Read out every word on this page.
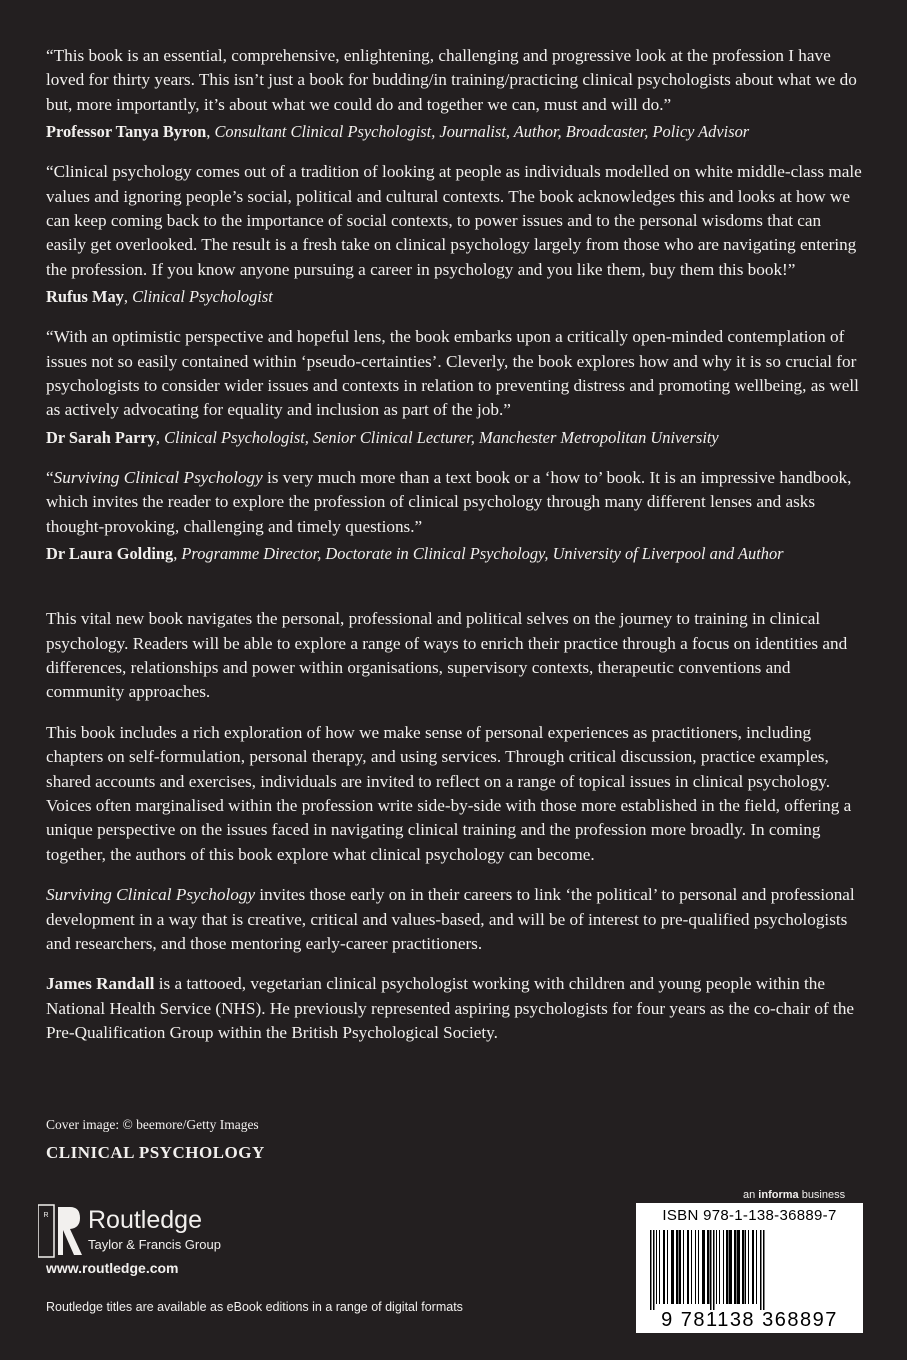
“This book is an essential, comprehensive, enlightening, challenging and progressive look at the profession I have loved for thirty years. This isn’t just a book for budding/in training/practicing clinical psychologists about what we do but, more importantly, it’s about what we could do and together we can, must and will do.”

Professor Tanya Byron, Consultant Clinical Psychologist, Journalist, Author, Broadcaster, Policy Advisor

“Clinical psychology comes out of a tradition of looking at people as individuals modelled on white middle-class male values and ignoring people’s social, political and cultural contexts. The book acknowledges this and looks at how we can keep coming back to the importance of social contexts, to power issues and to the personal wisdoms that can easily get overlooked. The result is a fresh take on clinical psychology largely from those who are navigating entering the profession. If you know anyone pursuing a career in psychology and you like them, buy them this book!”

Rufus May, Clinical Psychologist

“With an optimistic perspective and hopeful lens, the book embarks upon a critically open-minded contemplation of issues not so easily contained within ‘pseudo-certainties’. Cleverly, the book explores how and why it is so crucial for psychologists to consider wider issues and contexts in relation to preventing distress and promoting wellbeing, as well as actively advocating for equality and inclusion as part of the job.”

Dr Sarah Parry, Clinical Psychologist, Senior Clinical Lecturer, Manchester Metropolitan University

“Surviving Clinical Psychology is very much more than a text book or a ‘how to’ book. It is an impressive handbook, which invites the reader to explore the profession of clinical psychology through many different lenses and asks thought-provoking, challenging and timely questions.”

Dr Laura Golding, Programme Director, Doctorate in Clinical Psychology, University of Liverpool and Author

This vital new book navigates the personal, professional and political selves on the journey to training in clinical psychology. Readers will be able to explore a range of ways to enrich their practice through a focus on identities and differences, relationships and power within organisations, supervisory contexts, therapeutic conventions and community approaches.

This book includes a rich exploration of how we make sense of personal experiences as practitioners, including chapters on self-formulation, personal therapy, and using services. Through critical discussion, practice examples, shared accounts and exercises, individuals are invited to reflect on a range of topical issues in clinical psychology. Voices often marginalised within the profession write side-by-side with those more established in the field, offering a unique perspective on the issues faced in navigating clinical training and the profession more broadly. In coming together, the authors of this book explore what clinical psychology can become.

Surviving Clinical Psychology invites those early on in their careers to link ‘the political’ to personal and professional development in a way that is creative, critical and values-based, and will be of interest to pre-qualified psychologists and researchers, and those mentoring early-career practitioners.

James Randall is a tattooed, vegetarian clinical psychologist working with children and young people within the National Health Service (NHS). He previously represented aspiring psychologists for four years as the co-chair of the Pre-Qualification Group within the British Psychological Society.

Cover image: © beemore/Getty Images
CLINICAL PSYCHOLOGY
R Routledge
Taylor & Francis Group
www.routledge.com
Routledge titles are available as eBook editions in a range of digital formats
an informa business
ISBN 978-1-138-36889-7
9 781138 368897
